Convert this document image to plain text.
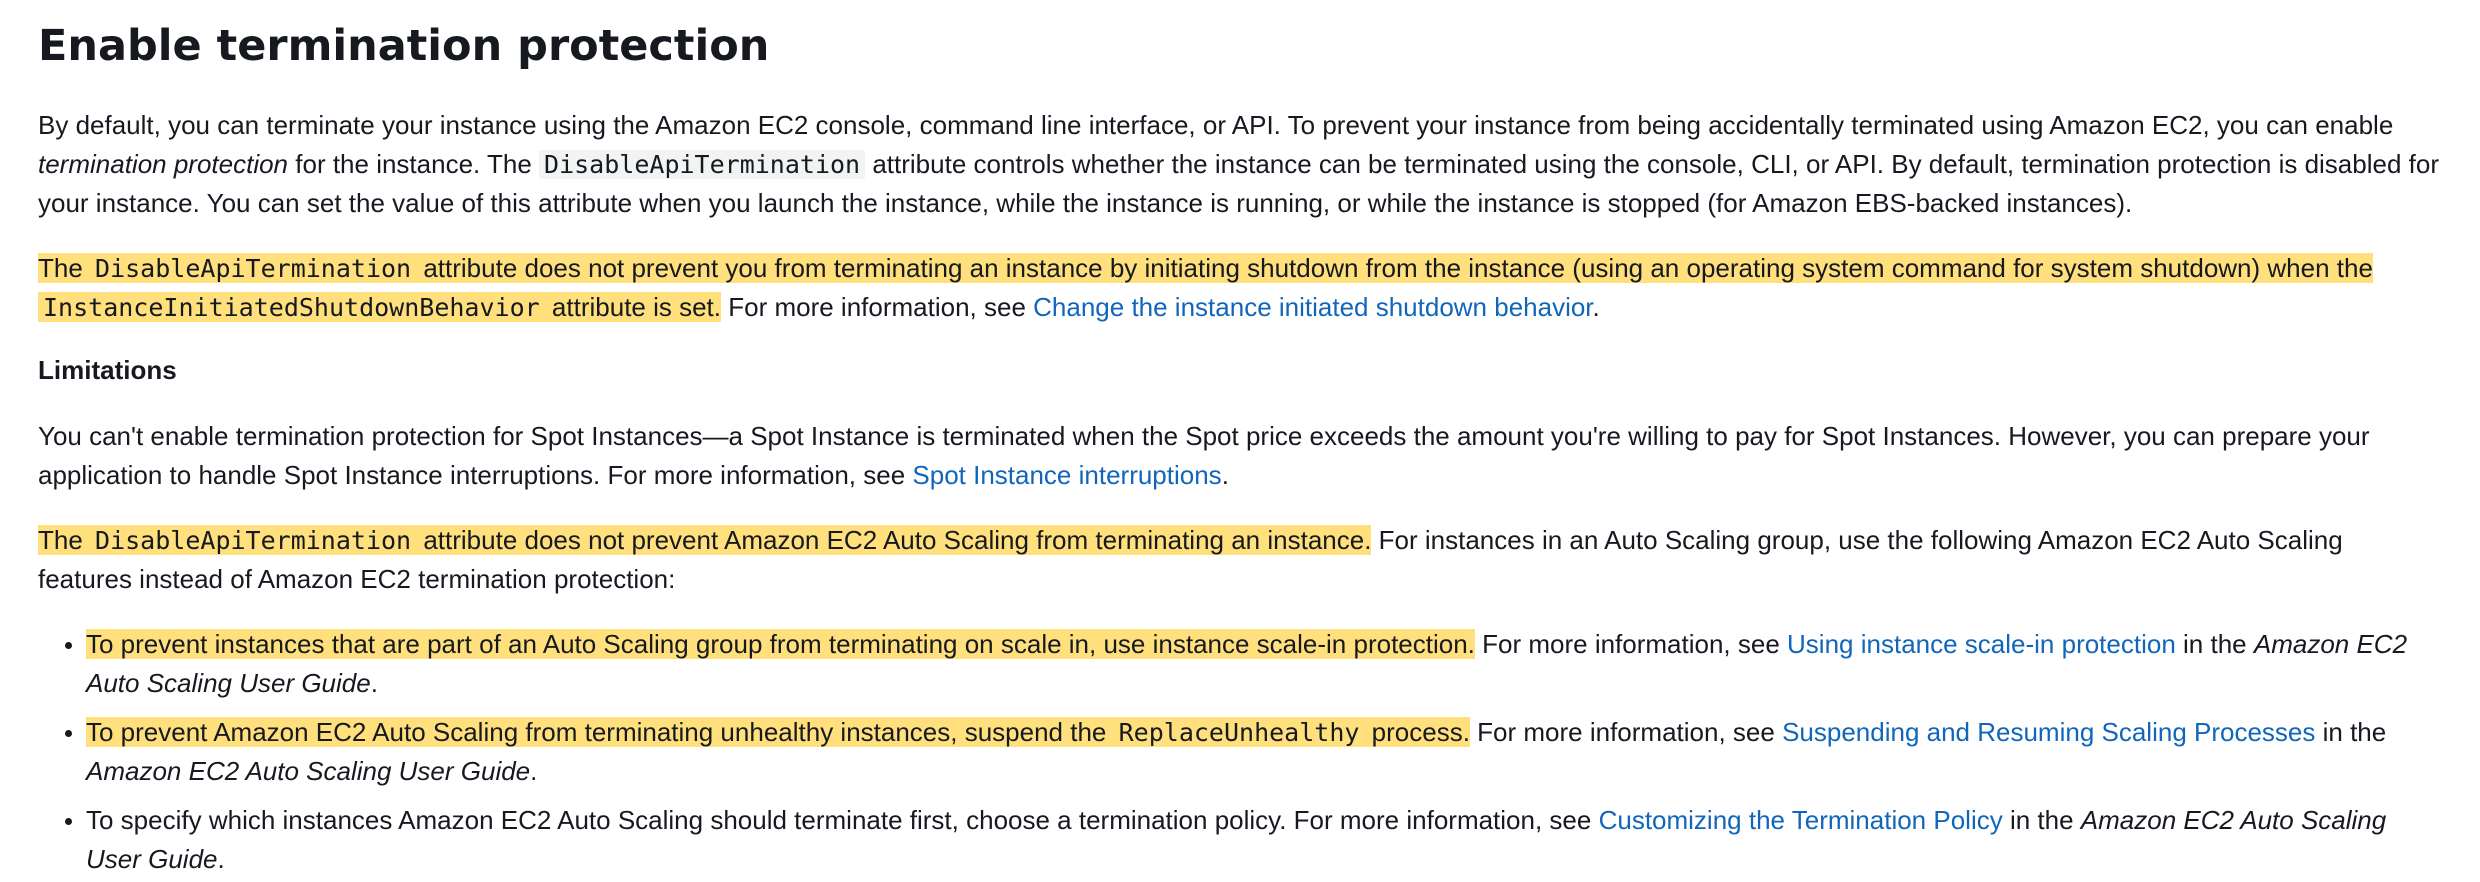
Enable termination protection

By default, you can terminate your instance using the Amazon EC2 console, command line interface, or API. To prevent your instance from being accidentally terminated using Amazon EC2, you can enable termination protection for the instance. The DisableApiTermination attribute controls whether the instance can be terminated using the console, CLI, or API. By default, termination protection is disabled for your instance. You can set the value of this attribute when you launch the instance, while the instance is running, or while the instance is stopped (for Amazon EBS-backed instances).

The DisableApiTermination attribute does not prevent you from terminating an instance by initiating shutdown from the instance (using an operating system command for system shutdown) when the InstanceInitiatedShutdownBehavior attribute is set. For more information, see Change the instance initiated shutdown behavior.

Limitations

You can't enable termination protection for Spot Instances—a Spot Instance is terminated when the Spot price exceeds the amount you're willing to pay for Spot Instances. However, you can prepare your application to handle Spot Instance interruptions. For more information, see Spot Instance interruptions.

The DisableApiTermination attribute does not prevent Amazon EC2 Auto Scaling from terminating an instance. For instances in an Auto Scaling group, use the following Amazon EC2 Auto Scaling features instead of Amazon EC2 termination protection:

• To prevent instances that are part of an Auto Scaling group from terminating on scale in, use instance scale-in protection. For more information, see Using instance scale-in protection in the Amazon EC2 Auto Scaling User Guide.
• To prevent Amazon EC2 Auto Scaling from terminating unhealthy instances, suspend the ReplaceUnhealthy process. For more information, see Suspending and Resuming Scaling Processes in the Amazon EC2 Auto Scaling User Guide.
• To specify which instances Amazon EC2 Auto Scaling should terminate first, choose a termination policy. For more information, see Customizing the Termination Policy in the Amazon EC2 Auto Scaling User Guide.
